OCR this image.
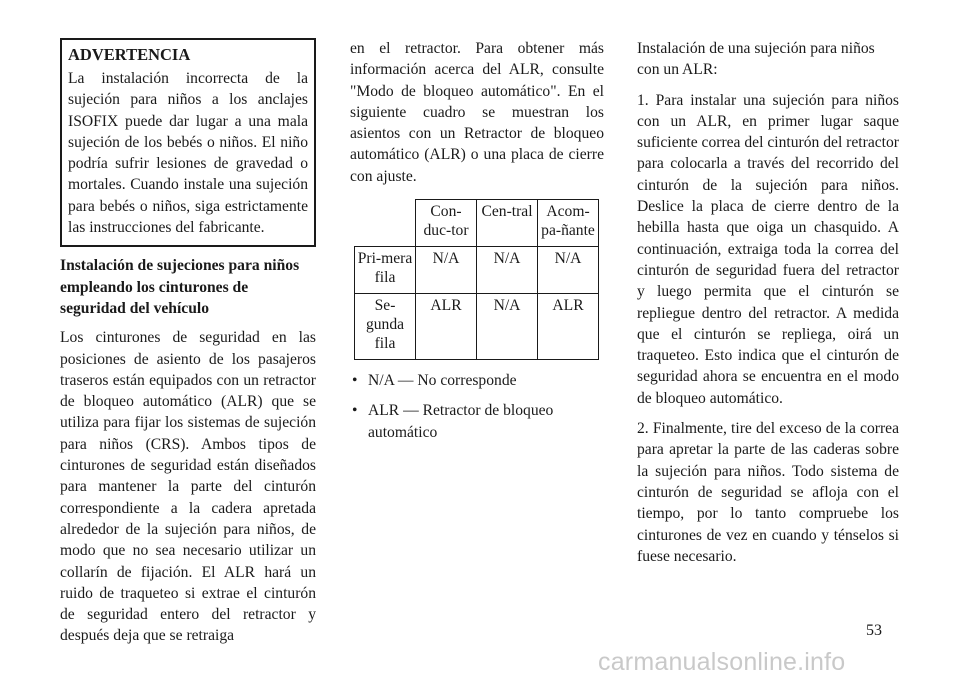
ADVERTENCIA

La instalación incorrecta de la sujeción para niños a los anclajes ISOFIX puede dar lugar a una mala sujeción de los bebés o niños. El niño podría sufrir lesiones de gravedad o mortales. Cuando instale una sujeción para bebés o niños, siga estrictamente las instrucciones del fabricante.

Instalación de sujeciones para niños empleando los cinturones de seguridad del vehículo

Los cinturones de seguridad en las posiciones de asiento de los pasajeros traseros están equipados con un retractor de bloqueo automático (ALR) que se utiliza para fijar los sistemas de sujeción para niños (CRS). Ambos tipos de cinturones de seguridad están diseñados para mantener la parte del cinturón correspondiente a la cadera apretada alrededor de la sujeción para niños, de modo que no sea necesario utilizar un collarín de fijación. El ALR hará un ruido de traqueteo si extrae el cinturón de seguridad entero del retractor y después deja que se retraiga

en el retractor. Para obtener más información acerca del ALR, consulte "Modo de bloqueo automático". En el siguiente cuadro se muestran los asientos con un Retractor de bloqueo automático (ALR) o una placa de cierre con ajuste.

	Con-duc-tor	Cen-tral	Acom-pa-ñante
Pri-mera fila	N/A	N/A	N/A
Se-gunda fila	ALR	N/A	ALR
• N/A — No corresponde
• ALR — Retractor de bloqueo automático

Instalación de una sujeción para niños con un ALR:

1. Para instalar una sujeción para niños con un ALR, en primer lugar saque suficiente correa del cinturón del retractor para colocarla a través del recorrido del cinturón de la sujeción para niños. Deslice la placa de cierre dentro de la hebilla hasta que oiga un chasquido. A continuación, extraiga toda la correa del cinturón de seguridad fuera del retractor y luego permita que el cinturón se repliegue dentro del retractor. A medida que el cinturón se repliega, oirá un traqueteo. Esto indica que el cinturón de seguridad ahora se encuentra en el modo de bloqueo automático.

2. Finalmente, tire del exceso de la correa para apretar la parte de las caderas sobre la sujeción para niños. Todo sistema de cinturón de seguridad se afloja con el tiempo, por lo tanto compruebe los cinturones de vez en cuando y ténselos si fuese necesario.

53
carmanualsonline.info
